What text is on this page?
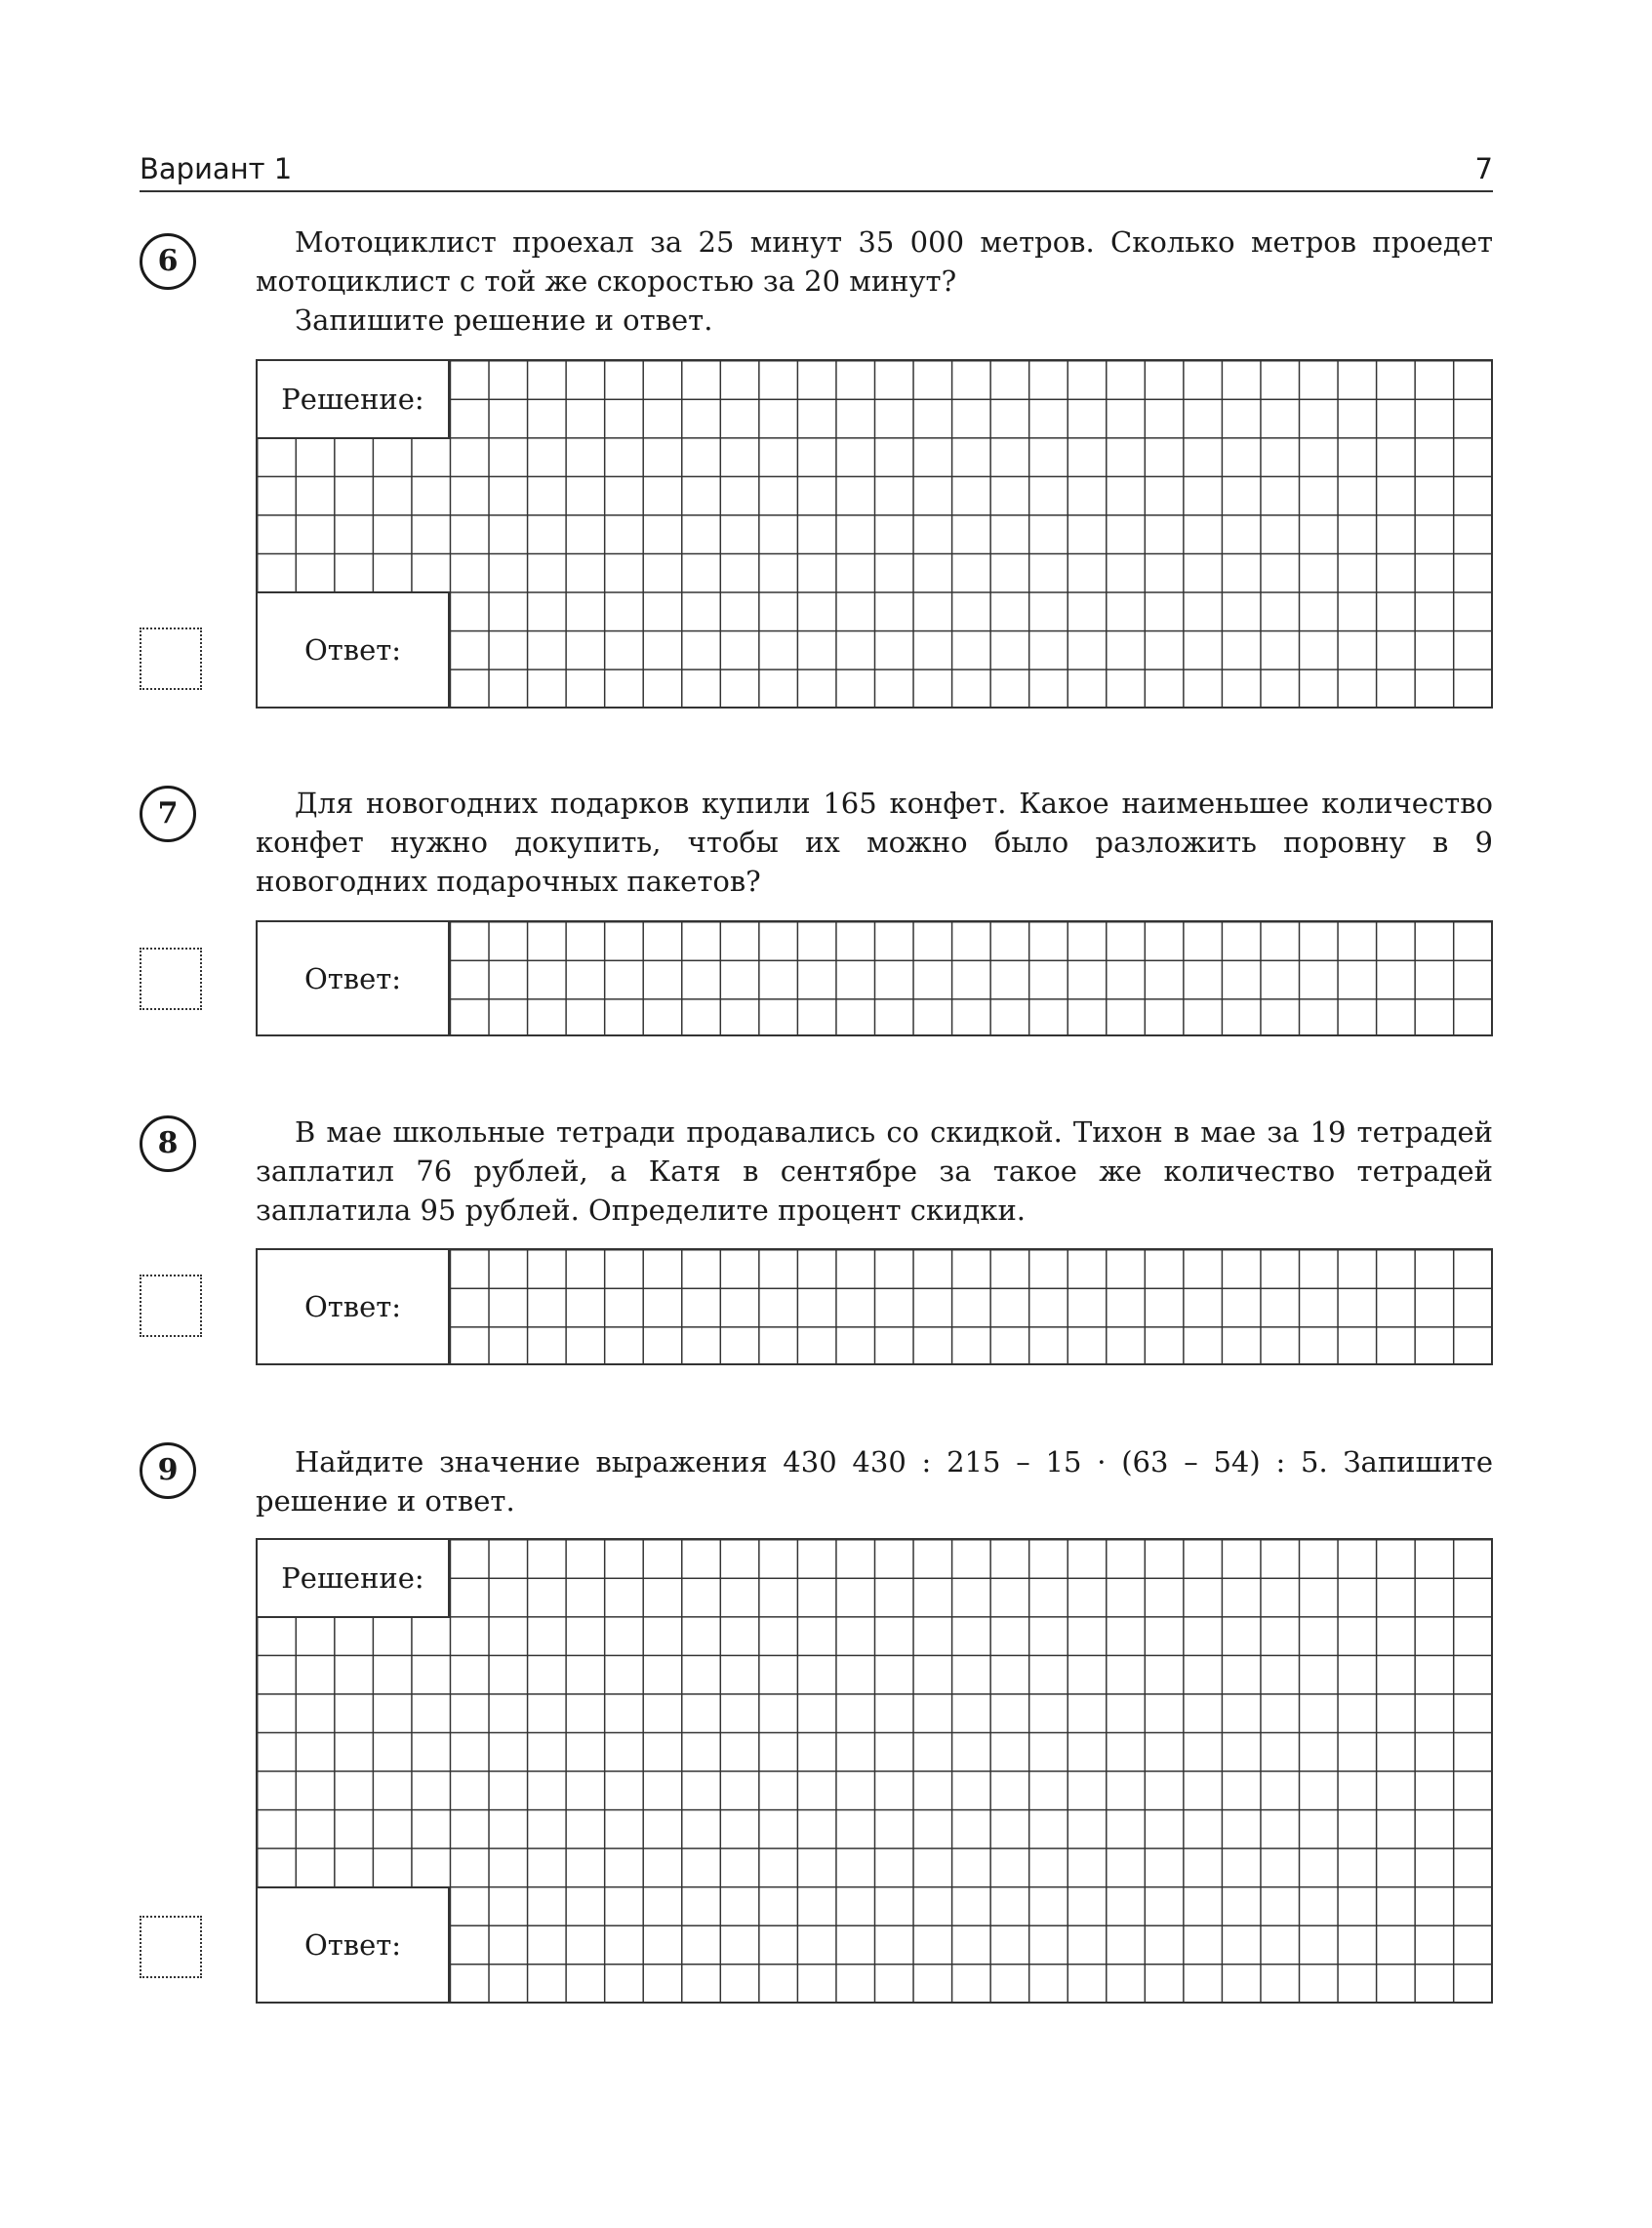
Вариант 1	7
6

Мотоциклист проехал за 25 минут 35 000 метров. Сколько метров проедет мотоциклист с той же скоростью за 20 минут?

Запишите решение и ответ.

Решение:
Ответ:
7	Для новогодних подарков купили 165 конфет. Какое наименьшее количество конфет нужно докупить, чтобы их можно было разложить поровну в 9 новогодних подарочных пакетов?

Ответ:
8	В мае школьные тетради продавались со скидкой. Тихон в мае за 19 тетрадей заплатил 76 рублей, а Катя в сентябре за такое же количество тетрадей заплатила 95 рублей. Определите процент скидки.

Ответ:
9	Найдите значение выражения 430 430 : 215 – 15 · (63 – 54) : 5. Запишите решение и ответ.

Решение:
Ответ:
